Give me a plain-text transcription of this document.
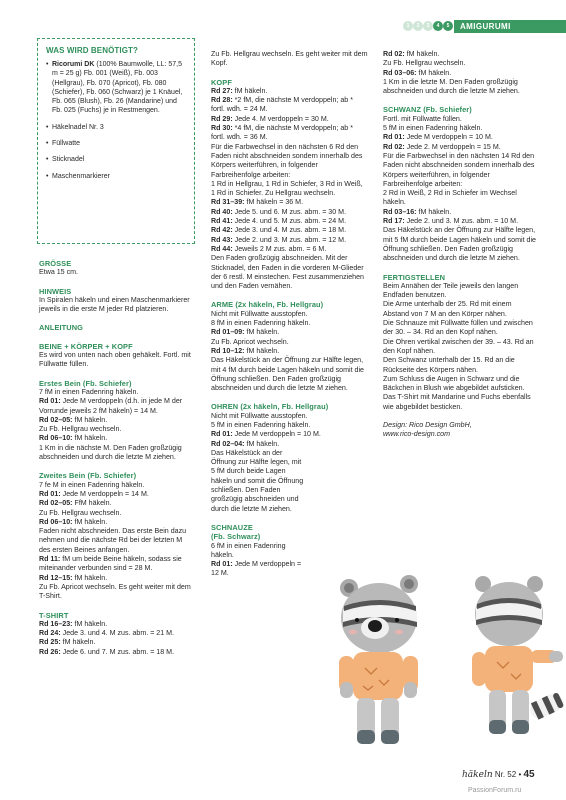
1	2	3	4	5	AMIGURUMI
WAS WIRD BENÖTIGT?
• Ricorumi DK (100% Baumwolle, LL: 57,5 m = 25 g) Fb. 001 (Weiß), Fb. 003 (Hellgrau), Fb. 070 (Apricot), Fb. 080 (Schiefer), Fb. 060 (Schwarz) je 1 Knäuel, Fb. 065 (Blush), Fb. 26 (Mandarine) und Fb. 025 (Fuchs) je in Restmengen.
• Häkelnadel Nr. 3
• Füllwatte
• Sticknadel
• Maschenmarkierer

GRÖSSE

Etwa 15 cm.

HINWEIS

In Spiralen häkeln und einen Maschenmarkierer jeweils in die erste M jeder Rd platzieren.

ANLEITUNG

BEINE + KÖRPER + KOPF

Es wird von unten nach oben gehäkelt. Fortl. mit Füllwatte füllen.

Erstes Bein (Fb. Schiefer)

7 fM in einen Fadenring häkeln.

Rd 01: Jede M verdoppeln (d.h. in jede M der Vorrunde jeweils 2 fM häkeln) = 14 M.

Rd 02–05: fM häkeln.

Zu Fb. Hellgrau wechseln.

Rd 06–10: fM häkeln.

1 Km in die nächste M. Den Faden großzügig abschneiden und durch die letzte M ziehen.

Zweites Bein (Fb. Schiefer)

7 fe M in einen Fadenring häkeln.

Rd 01: Jede M verdoppeln = 14 M.

Rd 02–05: FfM häkeln.

Zu Fb. Hellgrau wechseln.

Rd 06–10: fM häkeln.

Faden nicht abschneiden. Das erste Bein dazu nehmen und die nächste Rd bei der letzten M des ersten Beines anfangen.

Rd 11: fM um beide Beine häkeln, sodass sie miteinander verbunden sind = 28 M.

Rd 12–15: fM häkeln.

Zu Fb. Apricot wechseln. Es geht weiter mit dem T-Shirt.

T-SHIRT

Rd 16–23: fM häkeln.

Rd 24: Jede 3. und 4. M zus. abm. = 21 M.

Rd 25: fM häkeln.

Rd 26: Jede 6. und 7. M zus. abm. = 18 M.

Zu Fb. Hellgrau wechseln. Es geht weiter mit dem Kopf.

KOPF

Rd 27: fM häkeln.

Rd 28: *2 fM, die nächste M verdoppeln; ab * fortl. wdh. = 24 M.

Rd 29: Jede 4. M verdoppeln = 30 M.

Rd 30: *4 fM, die nächste M verdoppeln; ab * fortl. wdh. = 36 M.

Für die Farbwechsel in den nächsten 6 Rd den Faden nicht abschneiden sondern innerhalb des Körpers weiterführen, in folgender Farbreihenfolge arbeiten:

1 Rd in Hellgrau, 1 Rd in Schiefer, 3 Rd in Weiß, 1 Rd in Schiefer. Zu Hellgrau wechseln.

Rd 31–39: fM häkeln = 36 M.

Rd 40: Jede 5. und 6. M zus. abm. = 30 M.

Rd 41: Jede 4. und 5. M zus. abm. = 24 M.

Rd 42: Jede 3. und 4. M zus. abm. = 18 M.

Rd 43: Jede 2. und 3. M zus. abm. = 12 M.

Rd 44: Jeweils 2 M zus. abm. = 6 M.

Den Faden großzügig abschneiden. Mit der Sticknadel, den Faden in die vorderen M-Glieder der 6 restl. M einstechen. Fest zusammenziehen und den Faden vernähen.

ARME (2x häkeln, Fb. Hellgrau)

Nicht mit Füllwatte ausstopfen.

8 fM in einen Fadenring häkeln.

Rd 01–09: fM häkeln.

Zu Fb. Apricot wechseln.

Rd 10–12: fM häkeln.

Das Häkelstück an der Öffnung zur Hälfte legen, mit 4 fM durch beide Lagen häkeln und somit die Öffnung schließen. Den Faden großzügig abschneiden und durch die letzte M ziehen.

OHREN (2x häkeln, Fb. Hellgrau)

Nicht mit Füllwatte ausstopfen.

5 fM in einen Fadenring häkeln.

Rd 01: Jede M verdoppeln = 10 M.

Rd 02–04: fM häkeln.

Das Häkelstück an der Öffnung zur Hälfte legen, mit 5 fM durch beide Lagen häkeln und somit die Öffnung schließen. Den Faden großzügig abschneiden und durch die letzte M ziehen.

SCHNAUZE

(Fb. Schwarz)

6 fM in einen Fadenring häkeln.

Rd 01: Jede M verdoppeln = 12 M.

Rd 02: fM häkeln.

Zu Fb. Hellgrau wechseln.

Rd 03–06: fM häkeln.

1 Km in die letzte M. Den Faden großzügig abschneiden und durch die letzte M ziehen.

SCHWANZ (Fb. Schiefer)

Fortl. mit Füllwatte füllen.

5 fM in einen Fadenring häkeln.

Rd 01: Jede M verdoppeln = 10 M.

Rd 02: Jede 2. M verdoppeln = 15 M.

Für die Farbwechsel in den nächsten 14 Rd den Faden nicht abschneiden sondern innerhalb des Körpers weiterführen, in folgender Farbreihenfolge arbeiten:

2 Rd in Weiß, 2 Rd in Schiefer im Wechsel häkeln.

Rd 03–16: fM häkeln.

Rd 17: Jede 2. und 3. M zus. abm. = 10 M.

Das Häkelstück an der Öffnung zur Hälfte legen, mit 5 fM durch beide Lagen häkeln und somit die Öffnung schließen. Den Faden großzügig abschneiden und durch die letzte M ziehen.

FERTIGSTELLEN

Beim Annähen der Teile jeweils den langen Endfaden benutzen.

Die Arme unterhalb der 25. Rd mit einem Abstand von 7 M an den Körper nähen.

Die Schnauze mit Füllwatte füllen und zwischen der 30. – 34. Rd an den Kopf nähen.

Die Ohren vertikal zwischen der 39. – 43. Rd an den Kopf nähen.

Den Schwanz unterhalb der 15. Rd an die Rückseite des Körpers nähen.

Zum Schluss die Augen in Schwarz und die Bäckchen in Blush wie abgebildet aufsticken. Das T-Shirt mit Mandarine und Fuchs ebenfalls wie abgebildet besticken.

Design: Rico Design GmbH,

www.rico-design.com

häkeln Nr. 52 • 45
PassionForum.ru
